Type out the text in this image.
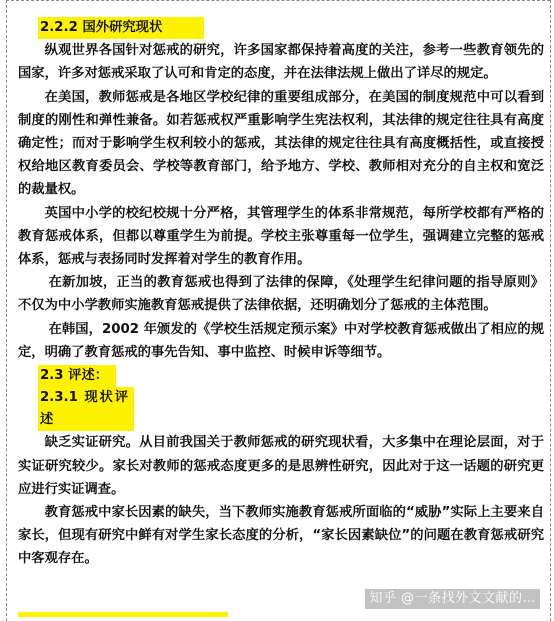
2.2.2 国外研究现状

纵观世界各国针对惩戒的研究，许多国家都保持着高度的关注，参考一些教育领先的国家，许多对惩戒采取了认可和肯定的态度，并在法律法规上做出了详尽的规定。

在美国，教师惩戒是各地区学校纪律的重要组成部分，在美国的制度规范中可以看到制度的刚性和弹性兼备。如若惩戒权严重影响学生宪法权利，其法律的规定往往具有高度确定性；而对于影响学生权利较小的惩戒，其法律的规定往往具有高度概括性，或直接授权给地区教育委员会、学校等教育部门，给予地方、学校、教师相对充分的自主权和宽泛的裁量权。

英国中小学的校纪校规十分严格，其管理学生的体系非常规范，每所学校都有严格的教育惩戒体系，但都以尊重学生为前提。学校主张尊重每一位学生，强调建立完整的惩戒体系，惩戒与表扬同时发挥着对学生的教育作用。

在新加坡，正当的教育惩戒也得到了法律的保障，《处理学生纪律问题的指导原则》不仅为中小学教师实施教育惩戒提供了法律依据，还明确划分了惩戒的主体范围。

在韩国，2002 年颁发的《学校生活规定预示案》中对学校教育惩戒做出了相应的规定，明确了教育惩戒的事先告知、事中监控、时候申诉等细节。

2.3 评述：
2.3.1 现状评述

缺乏实证研究。从目前我国关于教师惩戒的研究现状看，大多集中在理论层面，对于实证研究较少。家长对教师的惩戒态度更多的是思辨性研究，因此对于这一话题的研究更应进行实证调查。

教育惩戒中家长因素的缺失，当下教师实施教育惩戒所面临的“威胁”实际上主要来自家长，但现有研究中鲜有对学生家长态度的分析，“家长因素缺位”的问题在教育惩戒研究中客观存在。

知乎 @一条找外文文献的…
